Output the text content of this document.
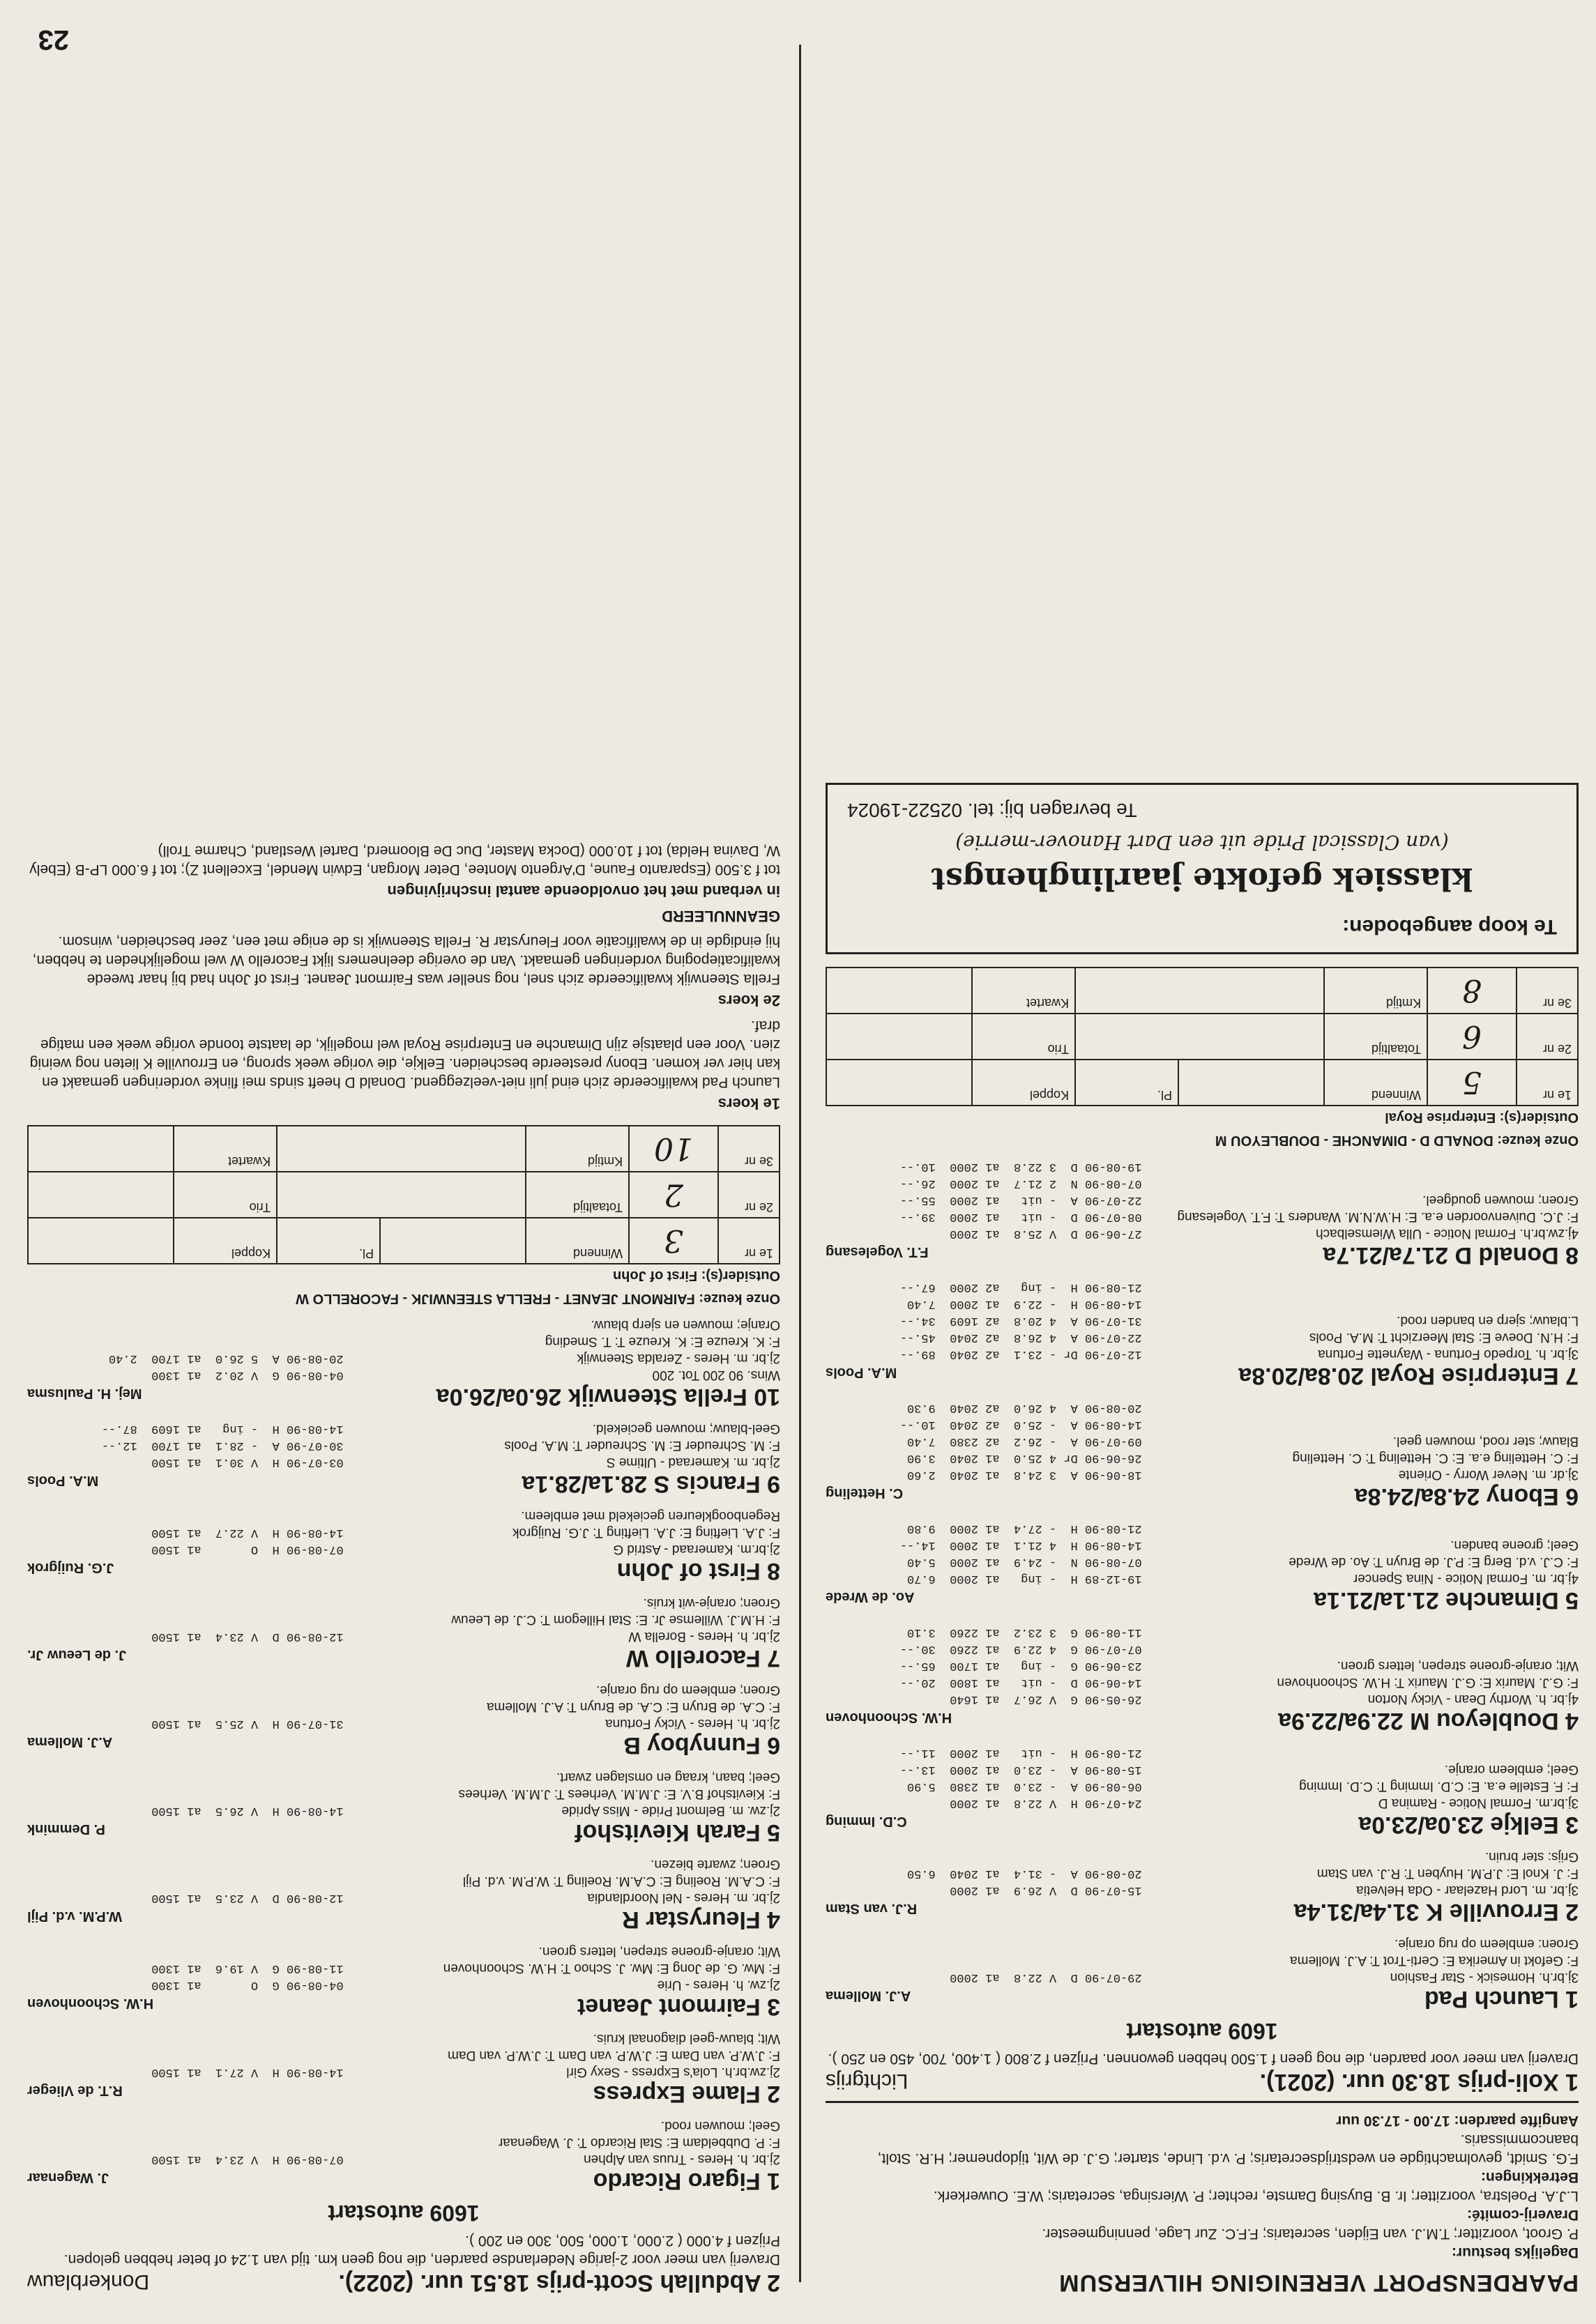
23
PAARDENSPORT VERENIGING HILVERSUM

Dagelijks bestuur:

P. Groot, voorzitter; T.M.J. van Eijden, secretaris; F.F.C. Zur Lage, penningmeester.

Draverij-comité:

L.J.A. Poelstra, voorzitter; Ir. B. Buysing Damste, rechter; P. Wiersinga, secretaris; W.E. Ouwerkerk.

Betrekkingen:

F.G. Smidt, gevolmachtigde en wedstrijdsecretaris; P. v.d. Linde, starter; G.J. de Wit, tijdopnemer; H.R. Stolt, baancommissaris.

Aangifte paarden: 17.00 - 17.30 uur

1 Xoli-prijs 18.30 uur. (2021).
Lichtgrijs

Draverij van meer voor paarden, die nog geen f 1.500 hebben gewonnen. Prijzen f 2.800 ( 1.400, 700, 450 en 250 ).

1609 autostart
1 Launch Pad
A.J. Mollema
3j.br.h. Homesick - Star Fashion
F: Gefokt in Amerika E: Certi-Trot T: A.J. Mollema
Groen: embleem op rug oranje.
29-07-90 D  V 22.8  a1 2000
2 Errouville K 31.4a/31.4a
R.J. van Stam
3j.br. m. Lord Hazelaar - Oda Helvetia
F: J. Knol E: J.P.M. Huyben T: R.J. van Stam
Grijs: ster bruin.
15-07-90 D  V 26.9  a1 2000
20-08-90 A  - 31.4  a1 2040  6.50
3 Eelkje 23.0a/23.0a
C.D. Imming
3j.br.m. Formal Notice - Ramina D
F: F. Estelle e.a. E: C.D. Imming T: C.D. Imming
Geel; embleem oranje.
24-07-90 H  V 22.8  a1 2000
06-08-90 A  - 23.0  a1 2380  5.90
15-08-90 A  - 23.0  a1 2000  13.--
21-08-90 H  - uit   a1 2000  11.--
4 Doubleyou M 22.9a/22.9a
H.W. Schoonhoven
4j.br. h. Worthy Dean - Vicky Norton
F: G.J. Maurix E: G.J. Maurix T: H.W. Schoonhoven
Wit; oranje-groene strepen, letters groen.
26-05-90 G  V 26.7  a1 1640
14-06-90 D  - uit   a1 1800  20.--
23-06-90 G  - ing   a1 1700  65.--
07-07-90 G  4 22.9  a1 2260  30.--
11-08-90 G  3 23.2  a1 2260  3.10
5 Dimanche 21.1a/21.1a
Ao. de Wrede
4j.br. m. Formal Notice - Nina Spencer
F: C.J. v.d. Berg E: P.J. de Bruyn T: Ao. de Wrede
Geel; groene banden.
19-12-89 H  - ing   a1 2000  6.70
07-08-90 N  - 24.9  a1 2000  5.40
14-08-90 H  4 21.1  a1 2000  14.--
21-08-90 H  - 27.4  a1 2000  9.80
6 Ebony 24.8a/24.8a
C. Hetteling
3j.dr. m. Never Worry - Oriente
F: C. Hetteling e.a. E: C. Hetteling T: C. Hetteling
Blauw; ster rood, mouwen geel.
18-06-90 A  3 24.8  a1 2040  2.60
26-06-90 Dr 4 25.0  a1 2040  3.90
09-07-90 A  - 26.2  a2 2380  7.40
14-08-90 A  - 25.0  a2 2040  10.--
20-08-90 A  4 26.0  a2 2040  9.30
7 Enterprise Royal 20.8a/20.8a
M.A. Pools
3j.br. h. Torpedo Fortuna - Waynette Fortuna
F: H.N. Doeve E: Stal Meerzicht T: M.A. Pools
L.blauw; sjerp en banden rood.
12-07-90 Dr - 23.1  a2 2040  89.--
22-07-90 A  4 26.8  a2 2040  45.--
31-07-90 A  4 20.8  a2 1609  34.--
14-08-90 H  - 22.9  a1 2000  7.40
21-08-90 H  - ing   a2 2000  67.--
8 Donald D 21.7a/21.7a
F.T. Vogelesang
4j.zw.br.h. Formal Notice - Ulla Wiemselbach
F: J.C. Duivenvoorden e.a. E: H.W.N.M. Wanders T: F.T. Vogelesang
Groen; mouwen goudgeel.
27-06-90 D  V 25.8  a1 2000
08-07-90 D  - uit   a1 2000  39.--
22-07-90 A  - uit   a1 2000  55.--
07-08-90 N  2 21.7  a1 2000  26.--
19-08-90 D  3 22.8  a1 2000  10.--
Onze keuze: DONALD D - DIMANCHE - DOUBLEYOU M
Outsider(s): Enterprise Royal
1e nr	5	Winnend		Pl.	Koppel	
2e nr	6	Totaaltijd			Trio	
3e nr	8	Kmtijd			Kwartet	
Te koop aangeboden:
klassiek gefokte jaarlinghengst
(van Classical Pride uit een Dart Hanover-merrie)
Te bevragen bij: tel. 02522-19024
2 Abdullah Scott-prijs 18.51 uur. (2022).
Donkerblauw

Draverij van meer voor 2-jarige Nederlandse paarden, die nog geen km. tijd van 1.24 of beter hebben gelopen. Prijzen f 4.000 ( 2.000, 1.000, 500, 300 en 200 ).

1609 autostart
1 Figaro Ricardo
J. Wagenaar
2j.br. h. Heres - Truus van Alphen
F: P. Dubbeldam E: Stal Ricardo T: J. Wagenaar
Geel; mouwen rood.
07-08-90 H  V 23.4  a1 1500
2 Flame Express
R.T. de Vlieger
2j.zw.br.h. Lola's Express - Sexy Girl
F: J.W.P. van Dam E: J.W.P. van Dam T: J.W.P. van Dam
Wit; blauw-geel diagonaal kruis.
14-08-90 H  V 27.1  a1 1500
3 Fairmont Jeanet
H.W. Schoonhoven
2j.zw. h. Heres - Urie
F: Mw. G. de Jong E: Mw. J. Schoo T: H.W. Schoonhoven
Wit; oranje-groene strepen, letters groen.
04-08-90 G  O       a1 1300
11-08-90 G  V 19.6  a1 1300
4 Fleurystar R
W.P.M. v.d. Pijl
2j.br. m. Heres - Nel Noordlandia
F: C.A.M. Roeling E: C.A.M. Roeling T: W.P.M. v.d. Pijl
Groen; zwarte biezen.
12-08-90 D  V 23.5  a1 1500
5 Farah Kievitshof
P. Demmink
2j.zw. m. Belmont Pride - Miss Apride
F: Kievitshof B.V. E: J.M.M. Verhees T: J.M.M. Verhees
Geel; baan, kraag en omslagen zwart.
14-08-90 H  V 26.5  a1 1500
6 Funnyboy B
A.J. Mollema
2j.br. h. Heres - Vicky Fortuna
F: C.A. de Bruyn E: C.A. de Bruyn T: A.J. Mollema
Groen; embleem op rug oranje.
31-07-90 H  V 25.5  a1 1500
7 Facorello W
J. de Leeuw Jr.
2j.br. h. Heres - Borella W
F: H.M.J. Willemse Jr. E: Stal Hillegom T: C.J. de Leeuw
Groen; oranje-wit kruis.
12-08-90 D  V 23.4  a1 1500
8 First of John
J.G. Ruijgrok
2j.br.m. Kameraad - Astrid G
F: J.A. Liefting E: J.A. Liefting T: J.G. Ruijgrok
Regenboogkleuren geciekeld met embleem.
07-08-90 H  O       a1 1500
14-08-90 H  V 22.7  a1 1500
9 Francis S 28.1a/28.1a
M.A. Pools
2j.br. m. Kameraad - Ultime S
F: M. Schreuder E: M. Schreuder T: M.A. Pools
Geel-blauw; mouwen geciekeld.
03-07-90 H  V 30.1  a1 1500
30-07-90 A  - 28.1  a1 1700  12.--
14-08-90 H  - ing   a1 1609  87.--
10 Frella Steenwijk 26.0a/26.0a
Mej. H. Paulusma
Wins. 90 200 Tot. 200
2j.br. m. Heres - Zeralda Steenwijk
F: K. Kreuze E: K. Kreuze T: T. Smeding
Oranje; mouwen en sjerp blauw.
04-08-90 G  V 20.2  a1 1300
20-08-90 A  5 26.0  a1 1700  2.40
Onze keuze: FAIRMONT JEANET - FRELLA STEENWIJK - FACORELLO W
Outsider(s): First of John
1e nr	3	Winnend		Pl.	Koppel	
2e nr	2	Totaaltijd			Trio	
3e nr	10	Kmtijd			Kwartet	
1e koers

Launch Pad kwalificeerde zich eind juli niet-veelzeggend. Donald D heeft sinds mei flinke vorderingen gemaakt en kan hier ver komen. Ebony presteerde bescheiden. Eelkje, die vorige week sprong, en Errouville K lieten nog weinig zien. Voor een plaatsje zijn Dimanche en Enterprise Royal wel mogelijk, de laatste toonde vorige week een matige draf.

2e koers

Frella Steenwijk kwalificeerde zich snel, nog sneller was Fairmont Jeanet. First of John had bij haar tweede kwalificatiepoging vorderingen gemaakt. Van de overige deelnemers lijkt Facorello W wel mogelijkheden te hebben, hij eindigde in de kwalificatie voor Fleurystar R. Frella Steenwijk is de enige met een, zeer bescheiden, winsom.

GEANNULEERD
in verband met het onvoldoende aantal inschrijvingen

tot f 3.500 (Esparanto Faune, D'Argento Montee, Deter Morgan, Edwin Mendel, Excellent Z); tot f 6.000 LP-B (Ebely W, Davina Helda) tot f 10.000 (Docka Master, Duc De Bloomerd, Dartel Westland, Charme Troll)
